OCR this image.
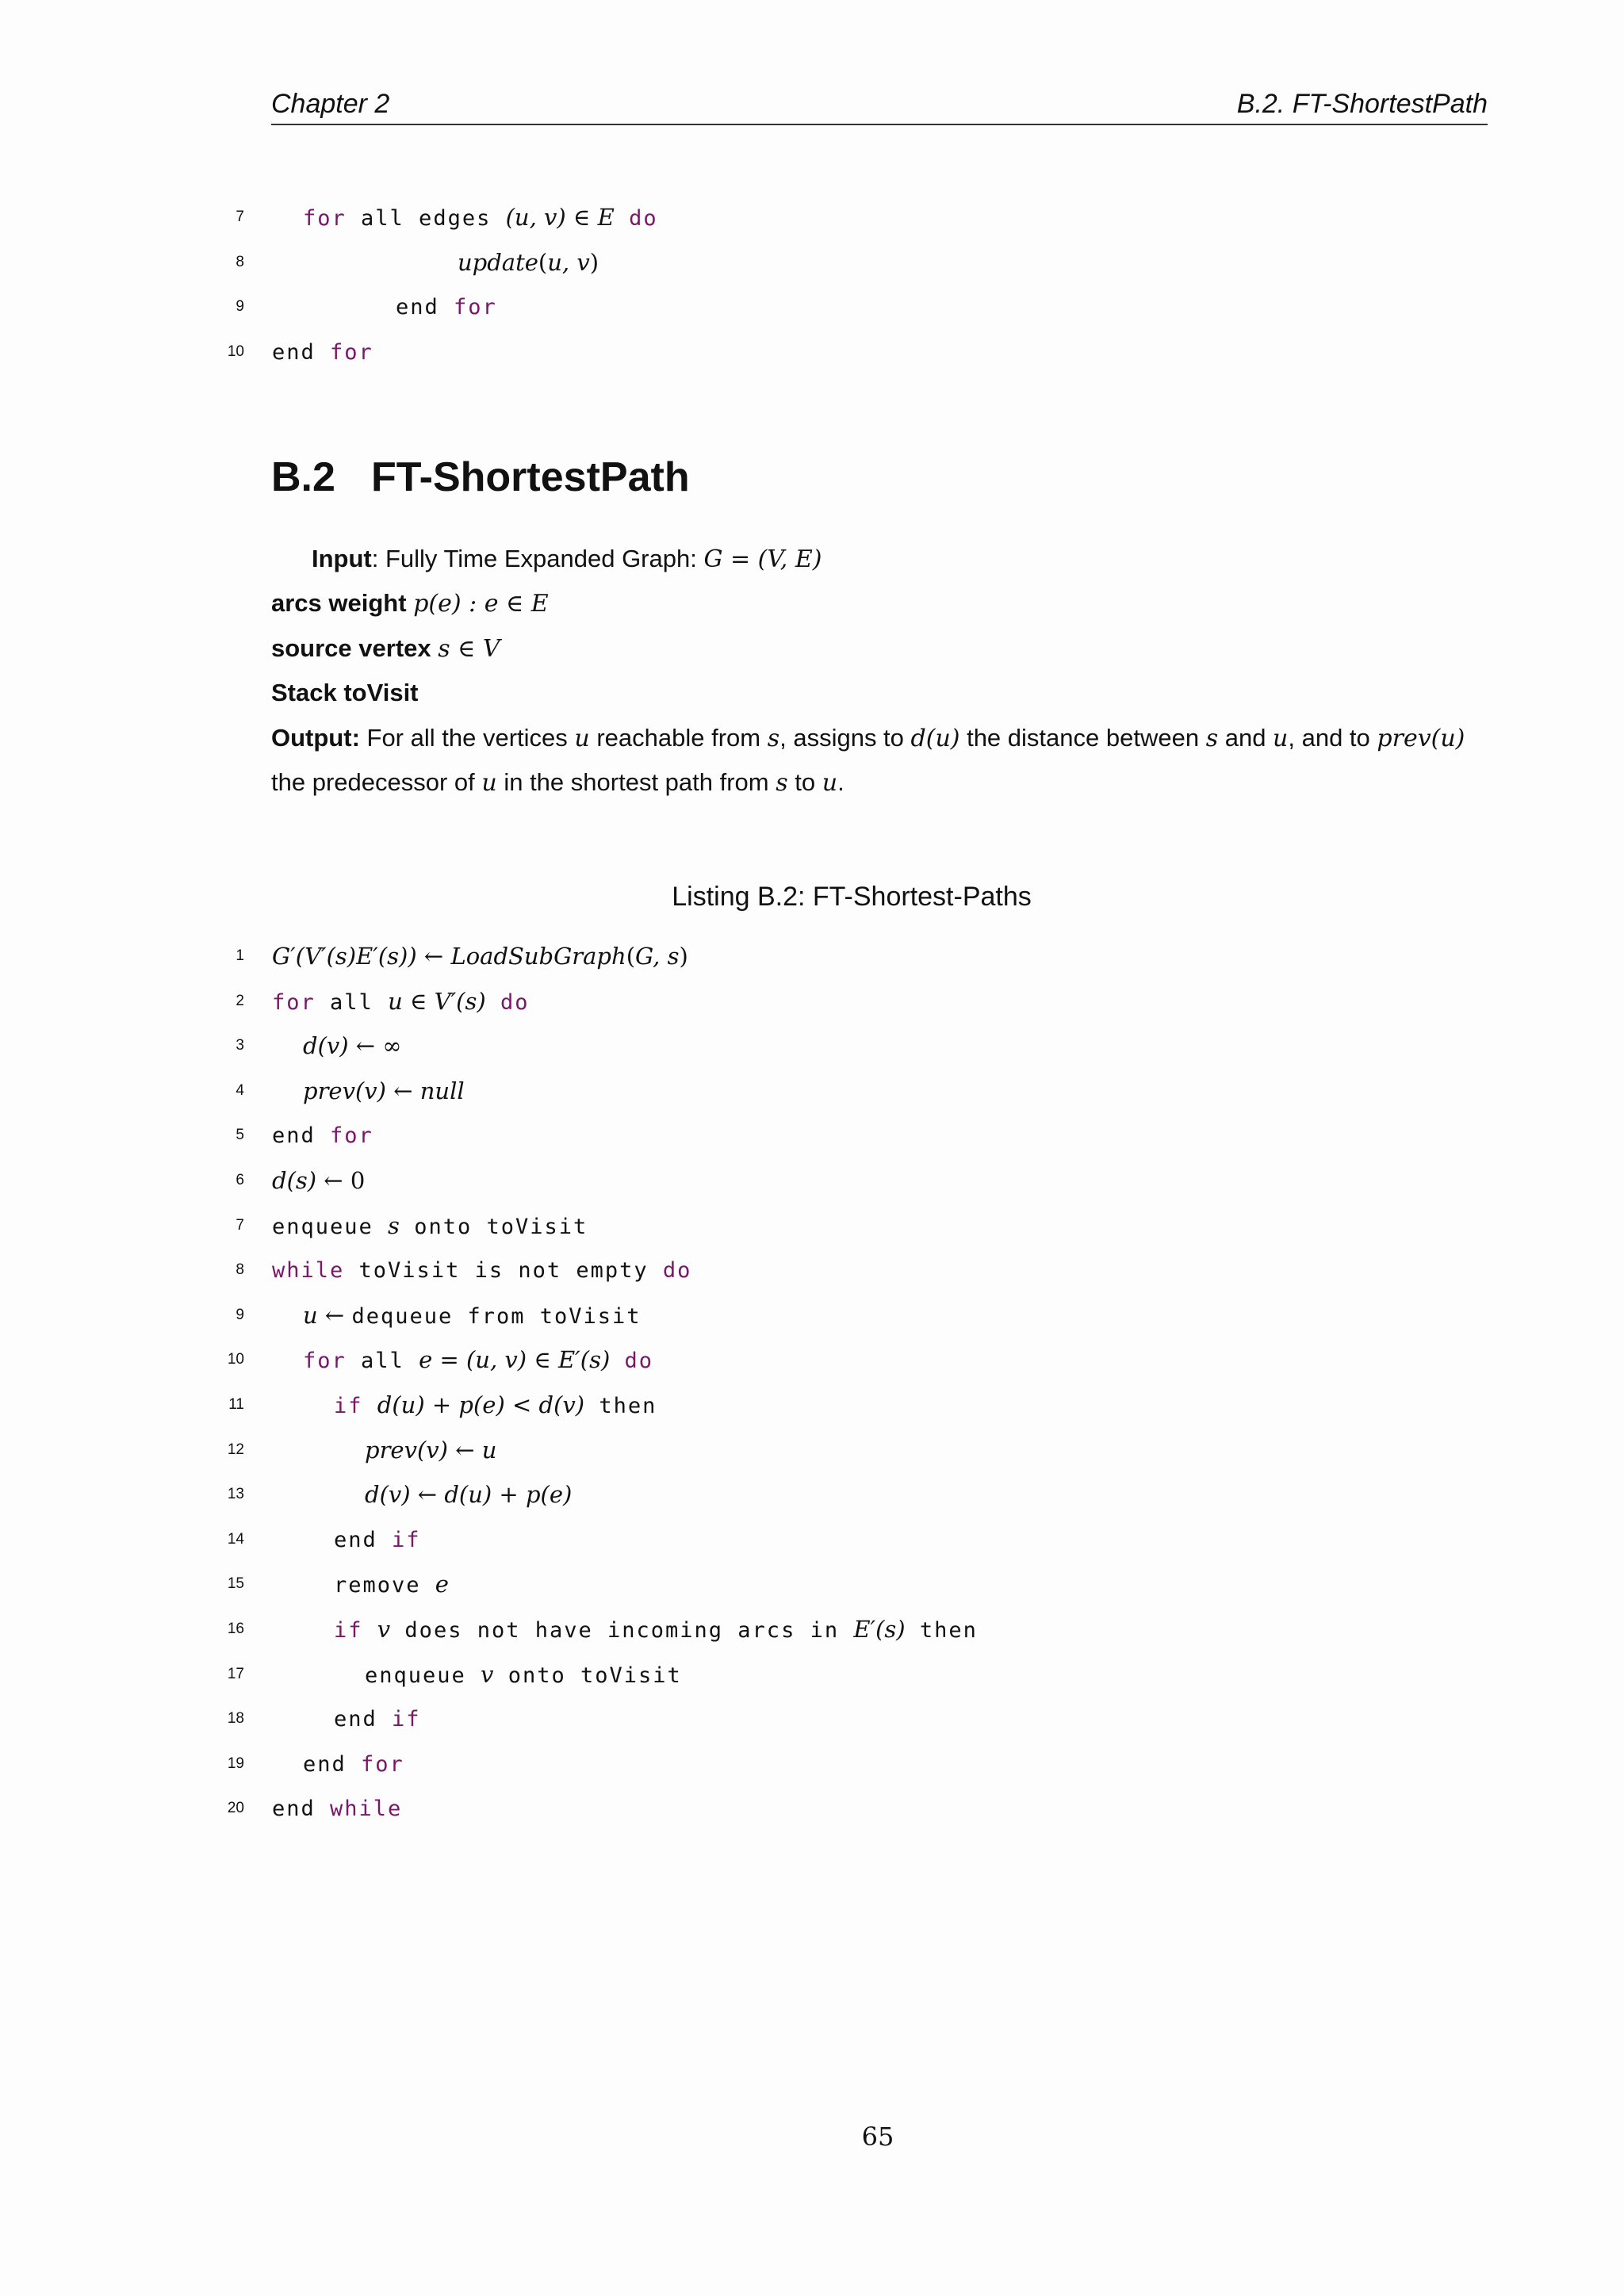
Chapter 2	B.2. FT-ShortestPath
7	for all edges (u, v) ∈ E do
8	update(u, v)
9	end for
10 end for
B.2 FT-ShortestPath
Input: Fully Time Expanded Graph: G = (V, E)
arcs weight p(e) : e ∈ E
source vertex s ∈ V
Stack toVisit
Output: For all the vertices u reachable from s, assigns to d(u) the distance between s and u, and to prev(u)
the predecessor of u in the shortest path from s to u.
Listing B.2: FT-Shortest-Paths
1 G′(V′(s)E′(s)) ← LoadSubGraph(G, s)
2 for all u ∈ V′(s) do
3	d(v) ← ∞
4	prev(v) ← null
5 end for
6 d(s) ← 0
7 enqueue s onto toVisit
8 while toVisit is not empty do
9	u ← dequeue from toVisit
10	for all e = (u, v) ∈ E′(s) do
11	if d(u) + p(e) < d(v) then
12	prev(v) ← u
13	d(v) ← d(u) + p(e)
14	end if
15	remove e
16	if v does not have incoming arcs in E′(s) then
17	enqueue v onto toVisit
18	end if
19	end for
20 end while
65
